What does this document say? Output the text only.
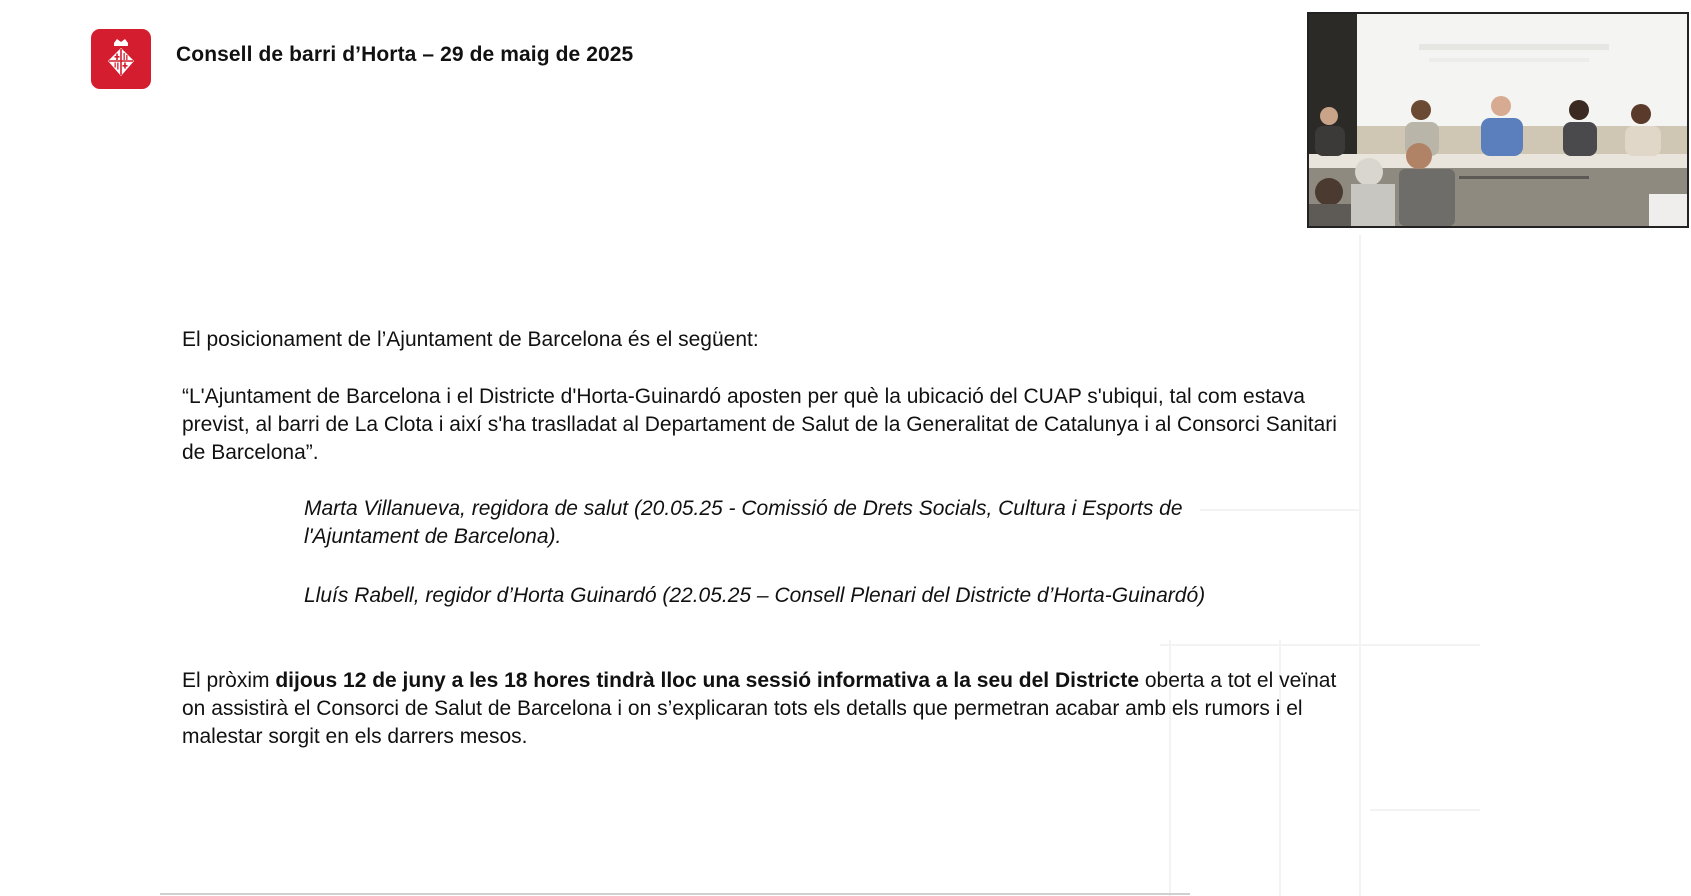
Consell de barri d’Horta – 29 de maig de 2025

El posicionament de l’Ajuntament de Barcelona és el següent:

“L'Ajuntament de Barcelona i el Districte d'Horta-Guinardó aposten per què la ubicació del CUAP s'ubiqui, tal com estava previst, al barri de La Clota i així s'ha traslladat al Departament de Salut de la Generalitat de Catalunya i al Consorci Sanitari de Barcelona”.

Marta Villanueva, regidora de salut (20.05.25 - Comissió de Drets Socials, Cultura i Esports de l'Ajuntament de Barcelona).

Lluís Rabell, regidor d’Horta Guinardó (22.05.25 – Consell Plenari del Districte d’Horta-Guinardó)

El pròxim dijous 12 de juny a les 18 hores tindrà lloc una sessió informativa a la seu del Districte oberta a tot el veïnat on assistirà el Consorci de Salut de Barcelona i on s’explicaran tots els detalls que permetran acabar amb els rumors i el malestar sorgit en els darrers mesos.
